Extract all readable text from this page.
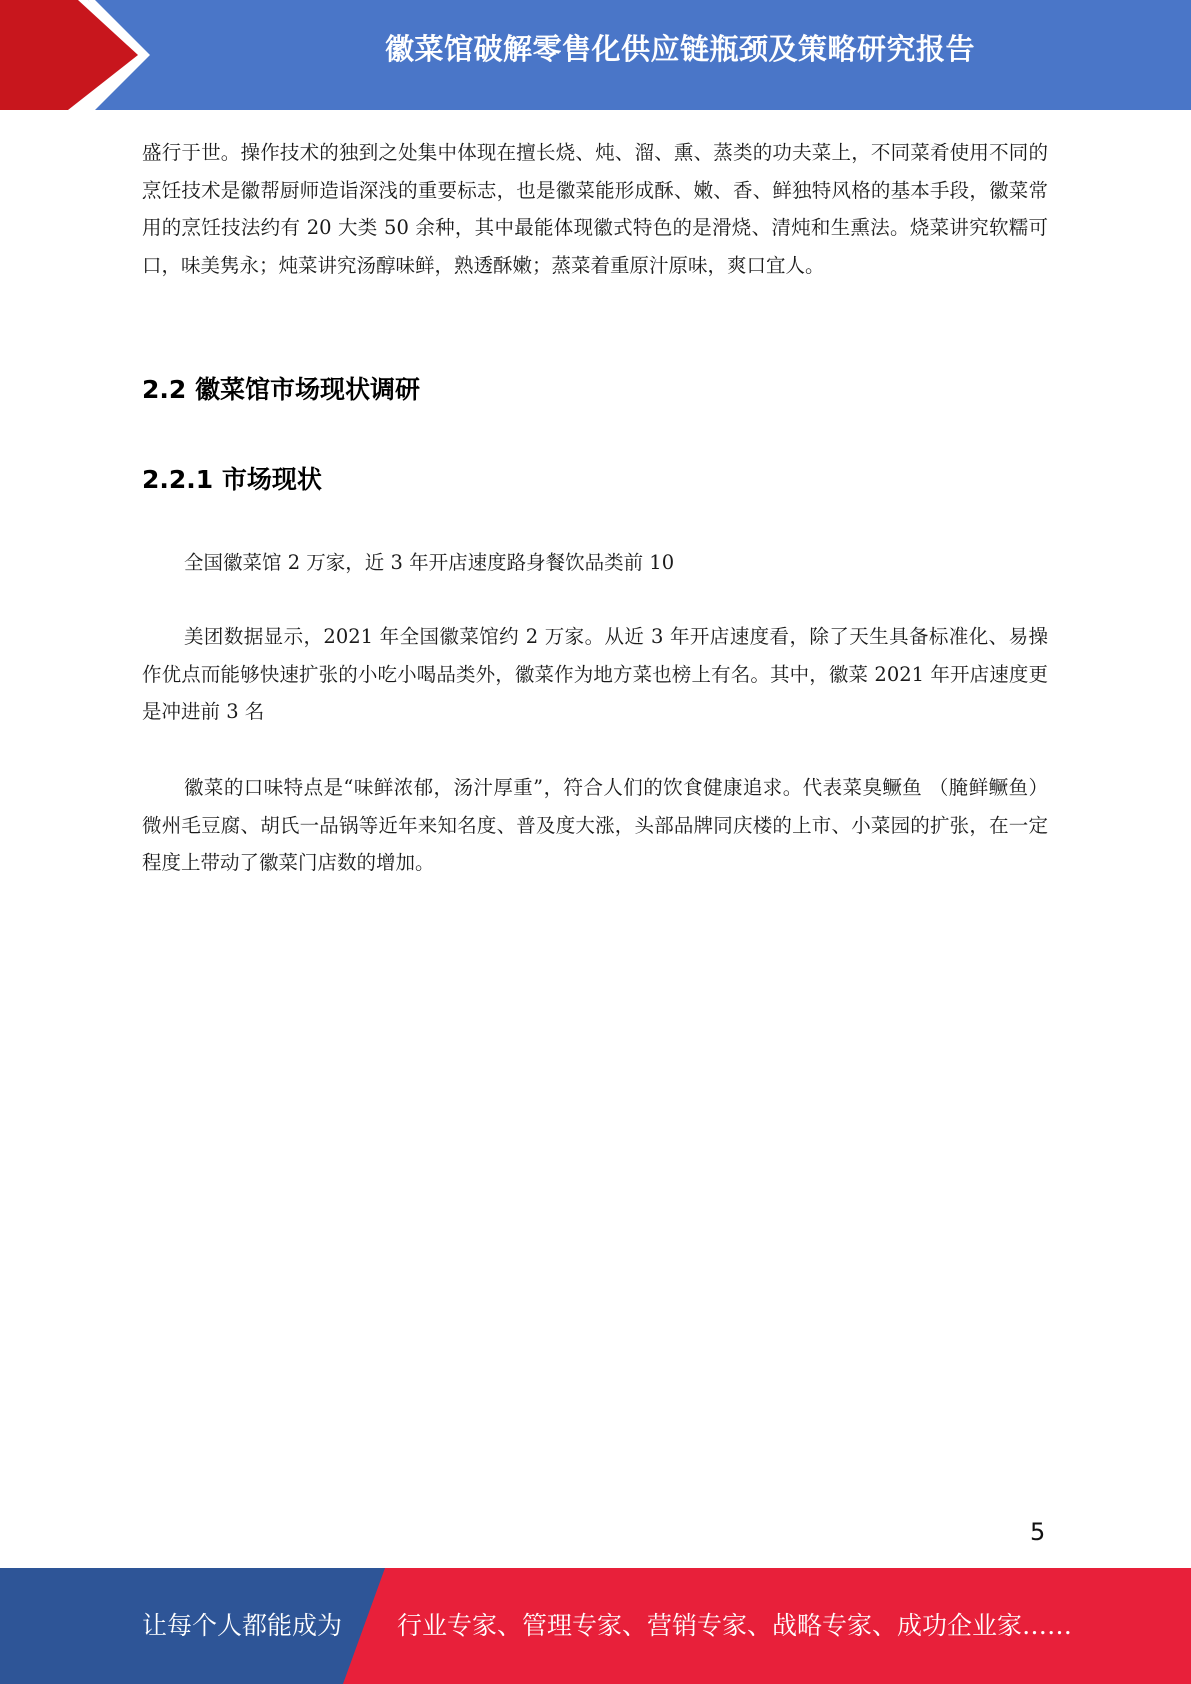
徽菜馆破解零售化供应链瓶颈及策略研究报告

盛行于世。操作技术的独到之处集中体现在擅长烧、炖、溜、熏、蒸类的功夫菜上，不同菜肴使用不同的烹饪技术是徽帮厨师造诣深浅的重要标志，也是徽菜能形成酥、嫩、香、鲜独特风格的基本手段，徽菜常用的烹饪技法约有 20 大类 50 余种，其中最能体现徽式特色的是滑烧、清炖和生熏法。烧菜讲究软糯可口，味美隽永；炖菜讲究汤醇味鲜，熟透酥嫩；蒸菜着重原汁原味，爽口宜人。

2.2 徽菜馆市场现状调研
2.2.1 市场现状

全国徽菜馆 2 万家，近 3 年开店速度路身餐饮品类前 10

美团数据显示，2021 年全国徽菜馆约 2 万家。从近 3 年开店速度看，除了天生具备标准化、易操作优点而能够快速扩张的小吃小喝品类外，徽菜作为地方菜也榜上有名。其中，徽菜 2021 年开店速度更是冲进前 3 名

徽菜的口味特点是“味鲜浓郁，汤汁厚重”，符合人们的饮食健康追求。代表菜臭鳜鱼 （腌鲜鳜鱼）微州毛豆腐、胡氏一品锅等近年来知名度、普及度大涨，头部品牌同庆楼的上市、小菜园的扩张，在一定程度上带动了徽菜门店数的增加。

5
让每个人都能成为 行业专家、管理专家、营销专家、战略专家、成功企业家……
